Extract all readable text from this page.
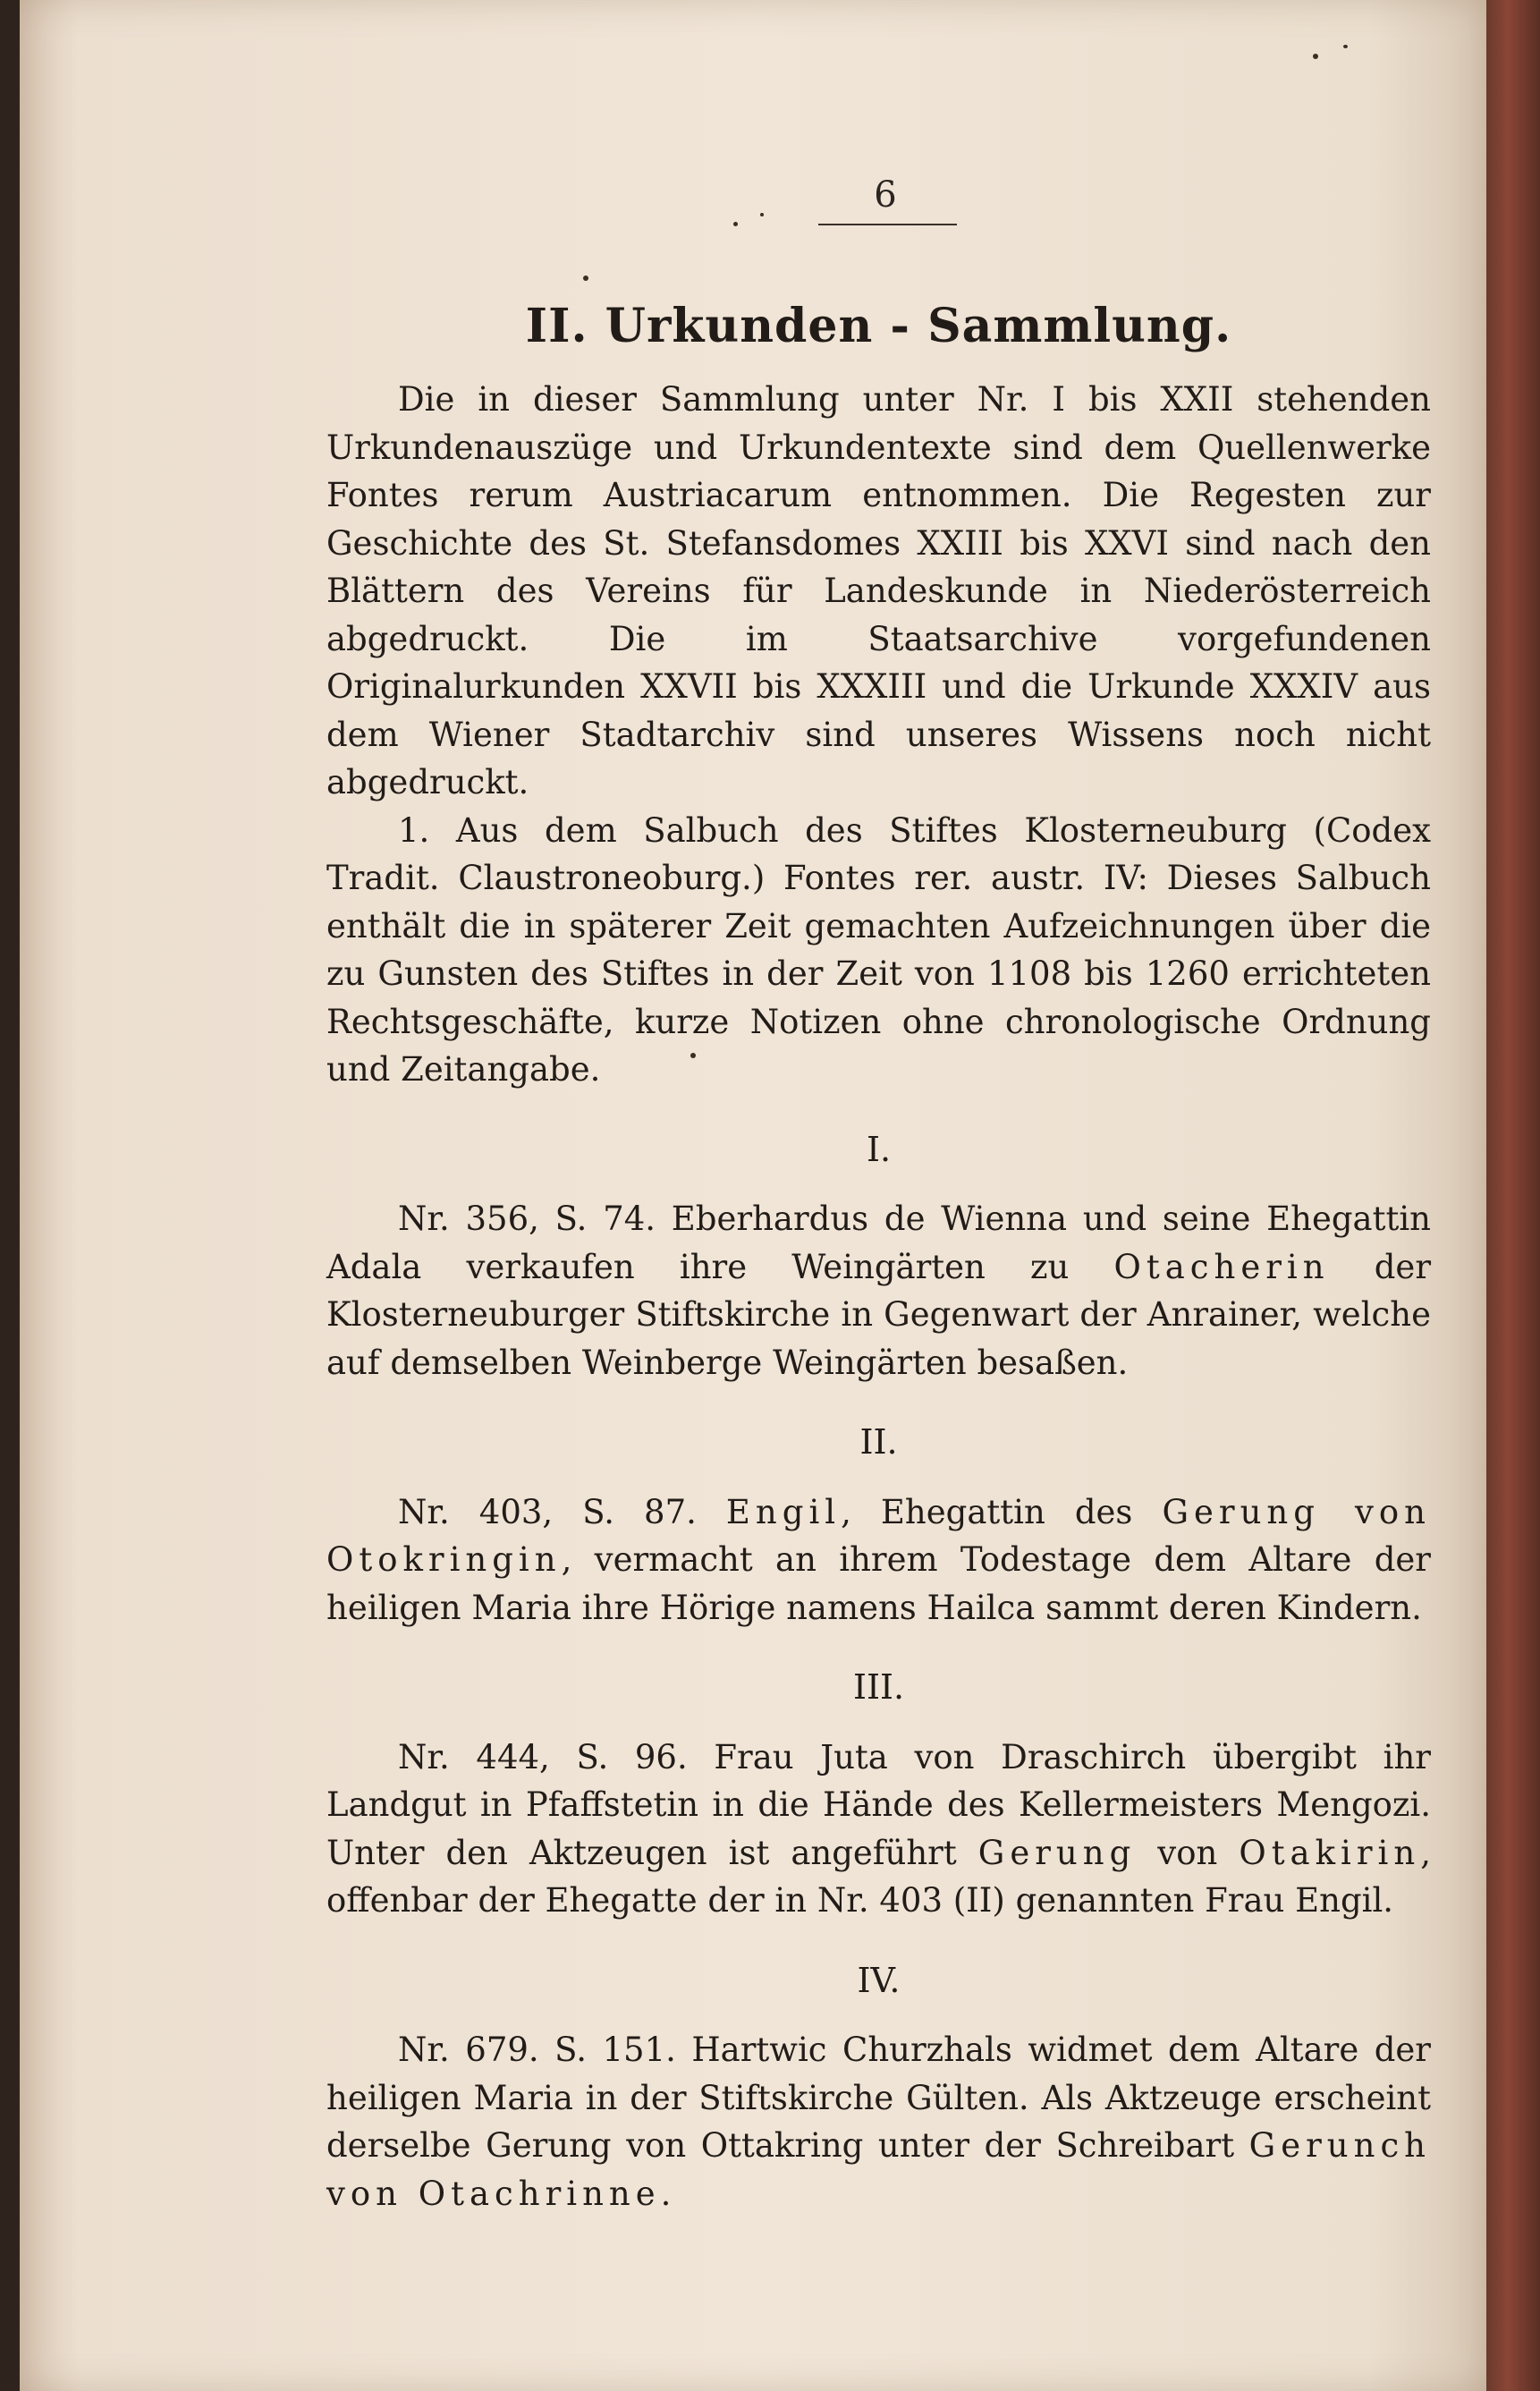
6
II. Urkunden - Sammlung.

Die in dieser Sammlung unter Nr. I bis XXII stehenden Urkundenauszüge und Urkundentexte sind dem Quellenwerke Fontes rerum Austriacarum entnommen. Die Regesten zur Geschichte des St. Stefansdomes XXIII bis XXVI sind nach den Blättern des Vereins für Landeskunde in Niederösterreich abgedruckt. Die im Staatsarchive vorgefundenen Originalurkunden XXVII bis XXXIII und die Urkunde XXXIV aus dem Wiener Stadtarchiv sind unseres Wissens noch nicht abgedruckt.

1. Aus dem Salbuch des Stiftes Klosterneuburg (Codex Tradit. Claustroneoburg.) Fontes rer. austr. IV: Dieses Salbuch enthält die in späterer Zeit gemachten Aufzeichnungen über die zu Gunsten des Stiftes in der Zeit von 1108 bis 1260 errichteten Rechtsgeschäfte, kurze Notizen ohne chronologische Ordnung und Zeitangabe.

I.

Nr. 356, S. 74. Eberhardus de Wienna und seine Ehegattin Adala verkaufen ihre Weingärten zu Otacherin der Klosterneuburger Stiftskirche in Gegenwart der Anrainer, welche auf demselben Weinberge Weingärten besaßen.

II.

Nr. 403, S. 87. Engil, Ehegattin des Gerung von Otokringin, vermacht an ihrem Todestage dem Altare der heiligen Maria ihre Hörige namens Hailca sammt deren Kindern.

III.

Nr. 444, S. 96. Frau Juta von Draschirch übergibt ihr Landgut in Pfaffstetin in die Hände des Kellermeisters Mengozi. Unter den Aktzeugen ist angeführt Gerung von Otakirin, offenbar der Ehegatte der in Nr. 403 (II) genannten Frau Engil.

IV.

Nr. 679. S. 151. Hartwic Churzhals widmet dem Altare der heiligen Maria in der Stiftskirche Gülten. Als Aktzeuge erscheint derselbe Gerung von Ottakring unter der Schreibart Gerunch von Otachrinne.
